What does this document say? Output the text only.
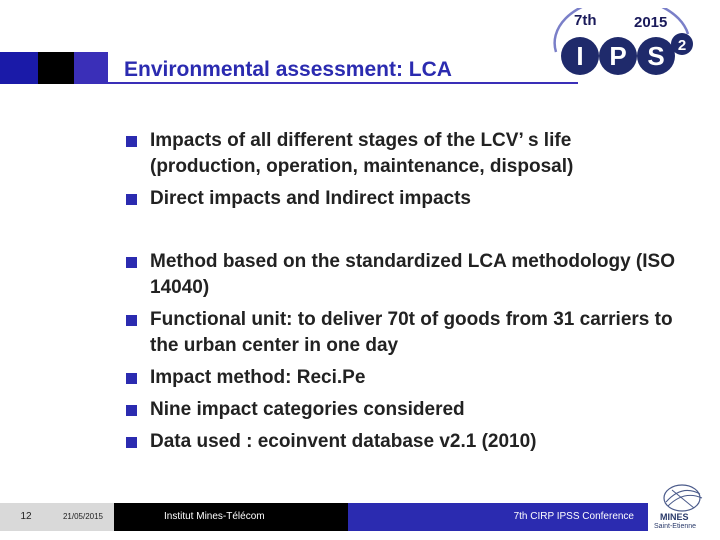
Environmental assessment: LCA
7th	2015
I P S 2
Impacts of all different stages of the LCV’ s life (production, operation, maintenance, disposal)
Direct impacts and Indirect impacts
Method based on the standardized LCA methodology (ISO 14040)
Functional unit: to deliver 70t of goods from 31 carriers to the urban center in one day
Impact method: Reci.Pe
Nine impact categories considered
Data used : ecoinvent database v2.1 (2010)
12	21/05/2015	Institut Mines-Télécom	7th CIRP IPSS Conference	MINES
Saint-Etienne
